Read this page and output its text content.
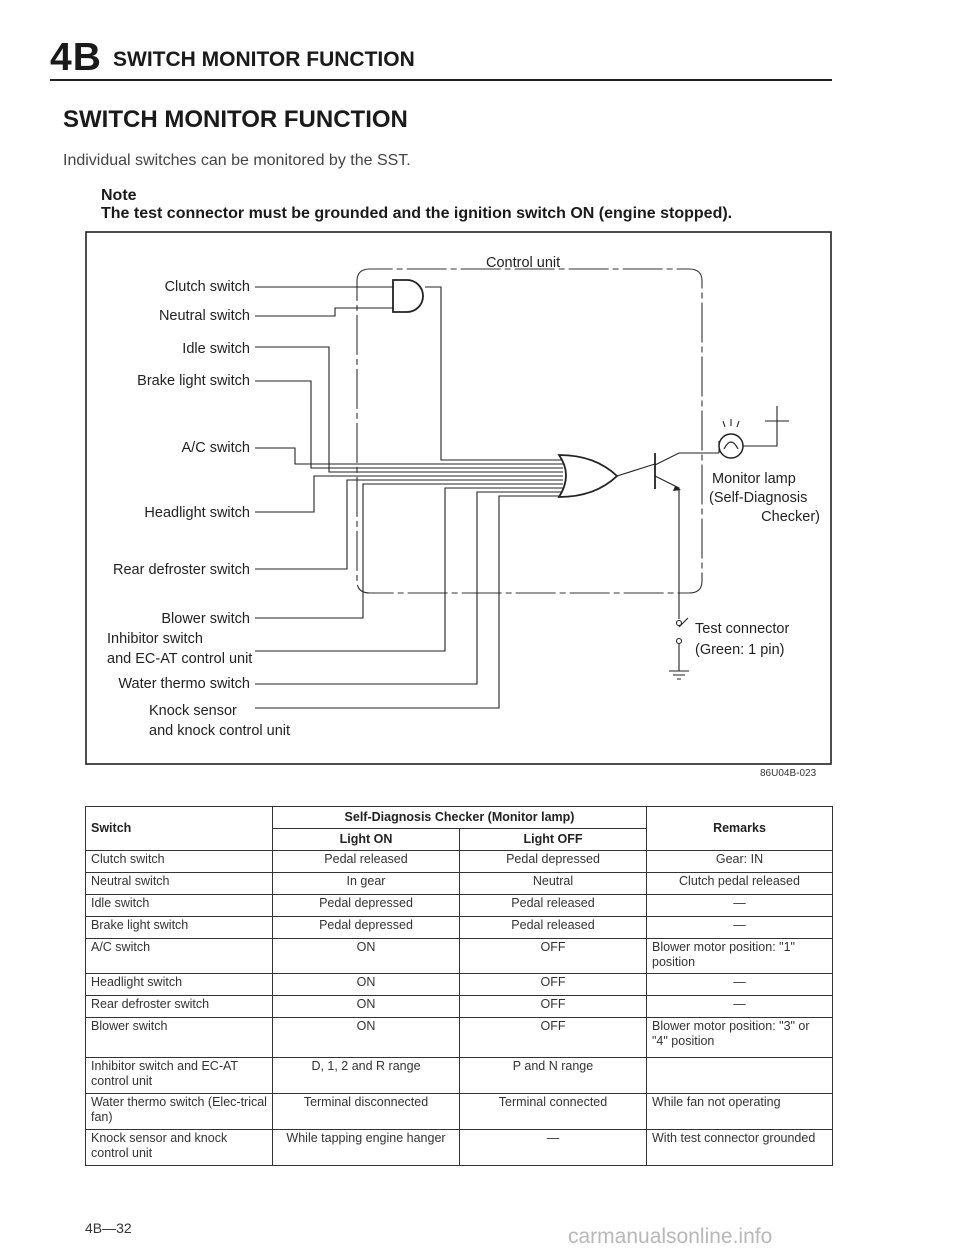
4B SWITCH MONITOR FUNCTION
SWITCH MONITOR FUNCTION
Individual switches can be monitored by the SST.
Note
The test connector must be grounded and the ignition switch ON (engine stopped).
Control unit
Clutch switch
Neutral switch
Idle switch
Brake light switch
A/C switch
Headlight switch
Rear defroster switch
Blower switch
Water thermo switch
Inhibitor switch
and EC-AT control unit
Knock sensor
and knock control unit
Monitor lamp
(Self-Diagnosis
Checker)
Test connector
(Green: 1 pin)
86U04B-023
Switch	Self-Diagnosis Checker (Monitor lamp)		Remarks
	Light ON	Light OFF	
Clutch switch	Pedal released	Pedal depressed	Gear: IN
Neutral switch	In gear	Neutral	Clutch pedal released
Idle switch	Pedal depressed	Pedal released	—
Brake light switch	Pedal depressed	Pedal released	—
A/C switch	ON	OFF	Blower motor position: "1" position
Headlight switch	ON	OFF	—
Rear defroster switch	ON	OFF	—
Blower switch	ON	OFF	Blower motor position: "3" or "4" position
Inhibitor switch and EC-AT control unit	D, 1, 2 and R range	P and N range	
Water thermo switch (Elec-trical fan)	Terminal disconnected	Terminal connected	While fan not operating
Knock sensor and knock control unit	While tapping engine hanger	—	With test connector grounded
4B—32	carmanualsonline.info
